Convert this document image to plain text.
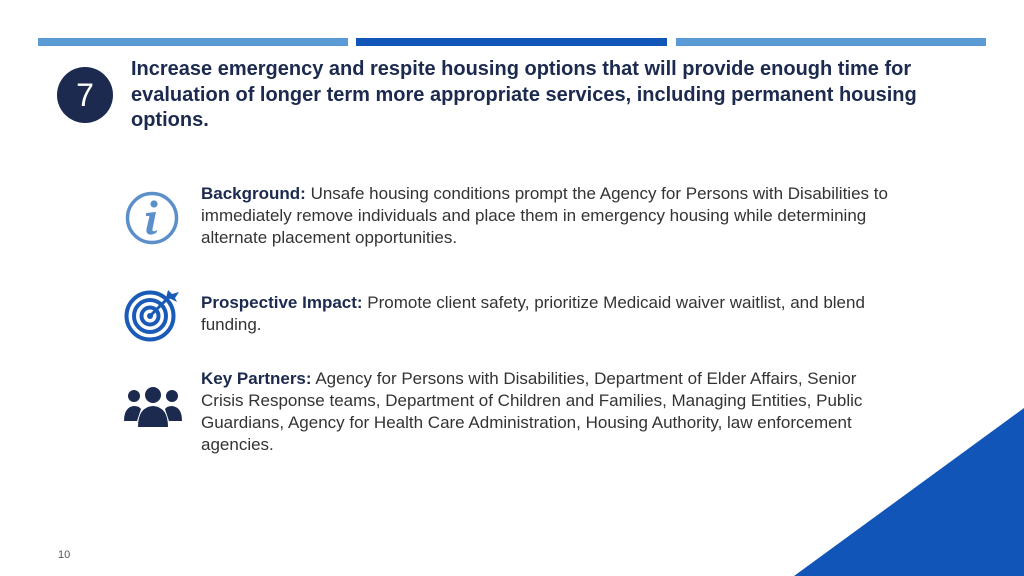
7
Increase emergency and respite housing options that will provide enough time for evaluation of longer term more appropriate services, including permanent housing options.
Background: Unsafe housing conditions prompt the Agency for Persons with Disabilities to immediately remove individuals and place them in emergency housing while determining alternate placement opportunities.
Prospective Impact: Promote client safety, prioritize Medicaid waiver waitlist, and blend funding.
Key Partners: Agency for Persons with Disabilities, Department of Elder Affairs, Senior Crisis Response teams, Department of Children and Families, Managing Entities, Public Guardians, Agency for Health Care Administration, Housing Authority, law enforcement agencies.
10
